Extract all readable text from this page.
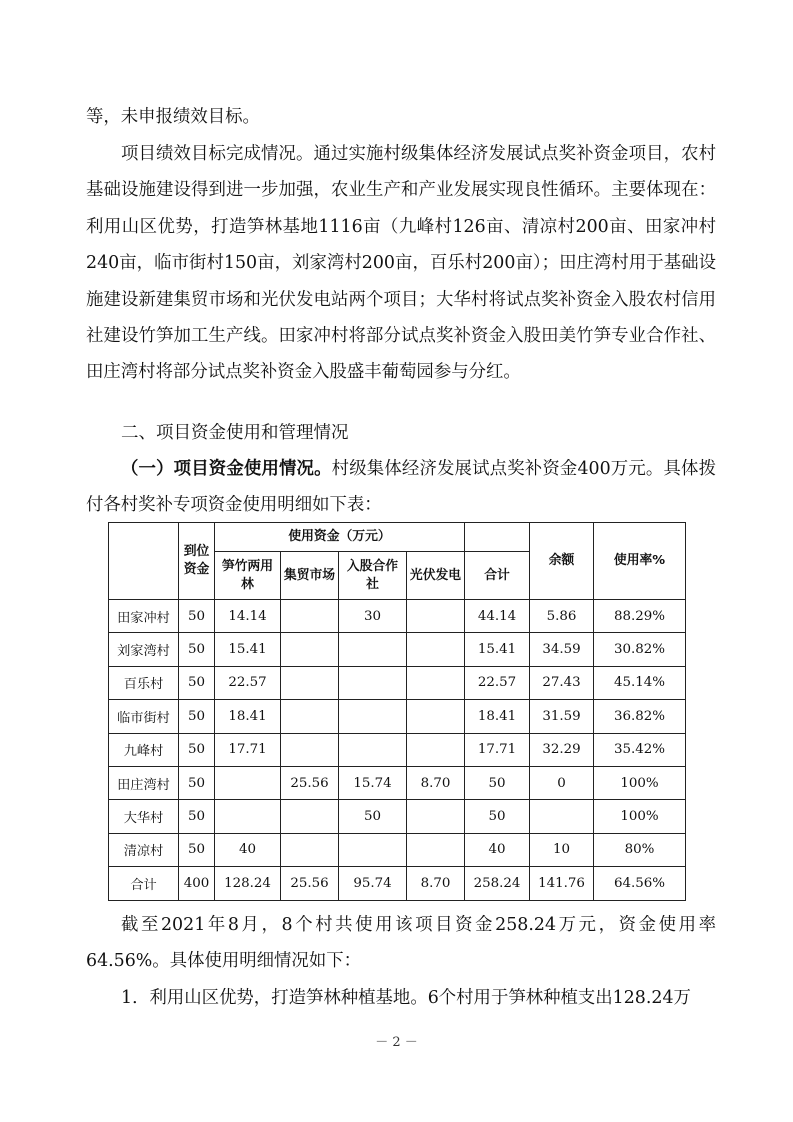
等，未申报绩效目标。

项目绩效目标完成情况。通过实施村级集体经济发展试点奖补资金项目，农村基础设施建设得到进一步加强，农业生产和产业发展实现良性循环。主要体现在：利用山区优势，打造笋林基地1116亩（九峰村126亩、清凉村200亩、田家冲村240亩，临市街村150亩，刘家湾村200亩，百乐村200亩）；田庄湾村用于基础设施建设新建集贸市场和光伏发电站两个项目；大华村将试点奖补资金入股农村信用社建设竹笋加工生产线。田家冲村将部分试点奖补资金入股田美竹笋专业合作社、田庄湾村将部分试点奖补资金入股盛丰葡萄园参与分红。

二、项目资金使用和管理情况

（一）项目资金使用情况。村级集体经济发展试点奖补资金400万元。具体拨付各村奖补专项资金使用明细如下表：

	到位资金	使用资金（万元）					余额	使用率%
		笋竹两用林	集贸市场	入股合作社	光伏发电	合计		
田家冲村	50	14.14		30		44.14	5.86	88.29%
刘家湾村	50	15.41				15.41	34.59	30.82%
百乐村	50	22.57				22.57	27.43	45.14%
临市街村	50	18.41				18.41	31.59	36.82%
九峰村	50	17.71				17.71	32.29	35.42%
田庄湾村	50		25.56	15.74	8.70	50	0	100%
大华村	50			50		50		100%
清凉村	50	40				40	10	80%
合计	400	128.24	25.56	95.74	8.70	258.24	141.76	64.56%

截至2021年8月，8个村共使用该项目资金258.24万元，资金使用率64.56%。具体使用明细情况如下：

1．利用山区优势，打造笋林种植基地。6个村用于笋林种植支出128.24万

－ 2 －
